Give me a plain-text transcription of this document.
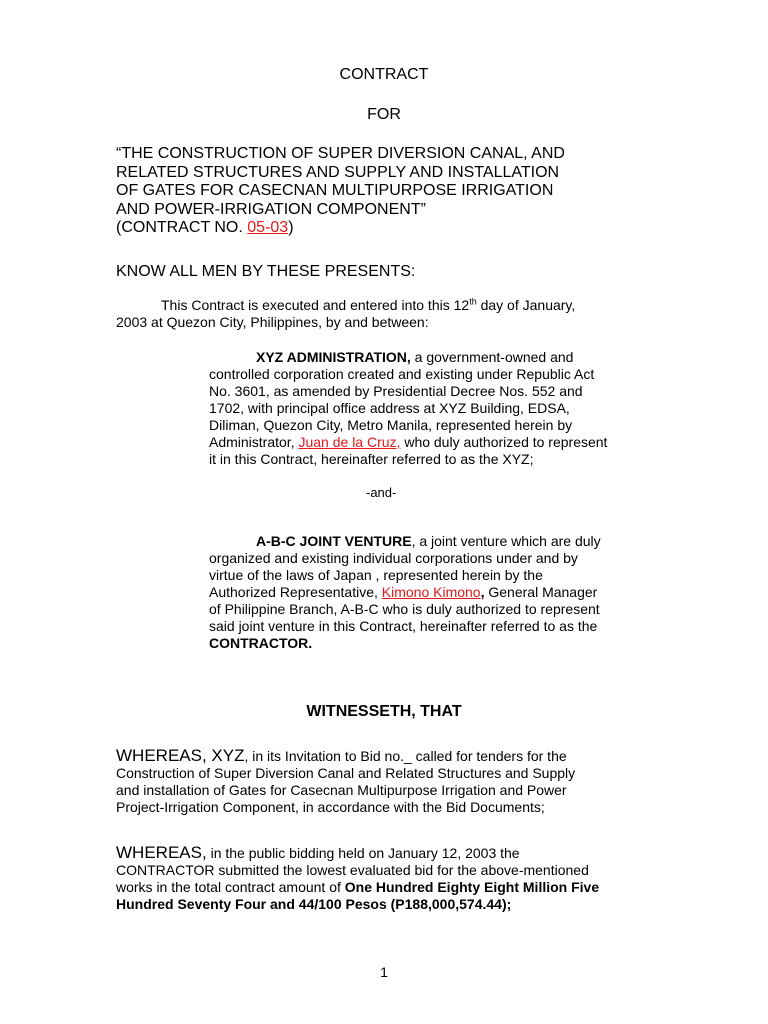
CONTRACT
FOR
“THE CONSTRUCTION OF SUPER DIVERSION CANAL, AND
RELATED STRUCTURES AND SUPPLY AND INSTALLATION
OF GATES FOR CASECNAN MULTIPURPOSE IRRIGATION
AND POWER-IRRIGATION COMPONENT”
(CONTRACT NO. 05-03)
KNOW ALL MEN BY THESE PRESENTS:
This Contract is executed and entered into this 12th day of January,
2003 at Quezon City, Philippines, by and between:
XYZ ADMINISTRATION, a government-owned and
controlled corporation created and existing under Republic Act
No. 3601, as amended by Presidential Decree Nos. 552 and
1702, with principal office address at XYZ Building, EDSA,
Diliman, Quezon City, Metro Manila, represented herein by
Administrator, Juan de la Cruz, who duly authorized to represent
it in this Contract, hereinafter referred to as the XYZ;
-and-
A-B-C JOINT VENTURE, a joint venture which are duly
organized and existing individual corporations under and by
virtue of the laws of Japan , represented herein by the
Authorized Representative, Kimono Kimono, General Manager
of Philippine Branch, A-B-C who is duly authorized to represent
said joint venture in this Contract, hereinafter referred to as the
CONTRACTOR.
WITNESSETH, THAT
WHEREAS, XYZ, in its Invitation to Bid no._ called for tenders for the
Construction of Super Diversion Canal and Related Structures and Supply
and installation of Gates for Casecnan Multipurpose Irrigation and Power
Project-Irrigation Component, in accordance with the Bid Documents;
WHEREAS, in the public bidding held on January 12, 2003 the
CONTRACTOR submitted the lowest evaluated bid for the above-mentioned
works in the total contract amount of One Hundred Eighty Eight Million Five
Hundred Seventy Four and 44/100 Pesos (P188,000,574.44);
1
